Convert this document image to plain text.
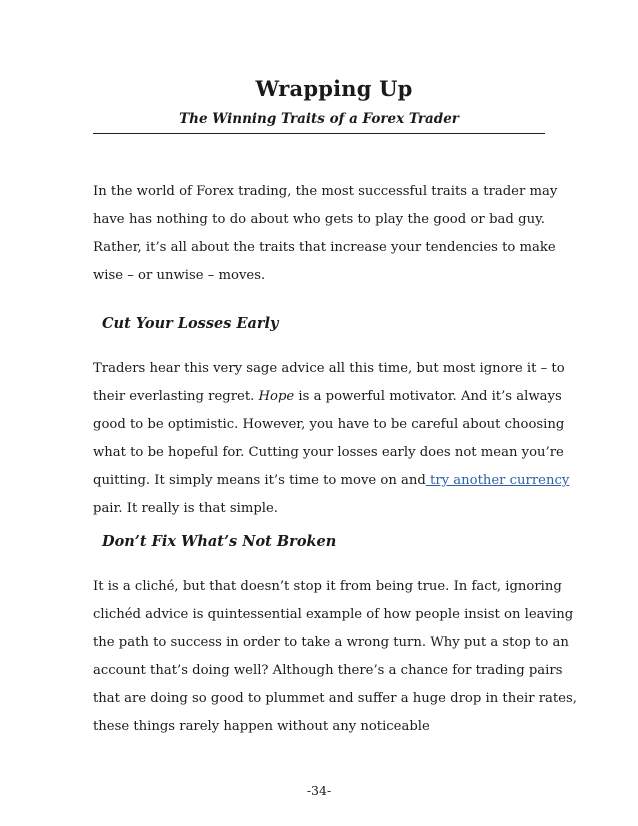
Wrapping Up
The Winning Traits of a Forex Trader

In the world of Forex trading, the most successful traits a trader may
have has nothing to do about who gets to play the good or bad guy.
Rather, it’s all about the traits that increase your tendencies to make
wise – or unwise – moves.

Cut Your Losses Early

Traders hear this very sage advice all this time, but most ignore it – to
their everlasting regret. Hope is a powerful motivator. And it’s always
good to be optimistic. However, you have to be careful about choosing
what to be hopeful for. Cutting your losses early does not mean you’re
quitting. It simply means it’s time to move on and try another currency
pair. It really is that simple.

Don’t Fix What’s Not Broken

It is a cliché, but that doesn’t stop it from being true. In fact, ignoring
clichéd advice is quintessential example of how people insist on leaving
the path to success in order to take a wrong turn. Why put a stop to an
account that’s doing well? Although there’s a chance for trading pairs
that are doing so good to plummet and suffer a huge drop in their rates,
these things rarely happen without any noticeable

-34-
